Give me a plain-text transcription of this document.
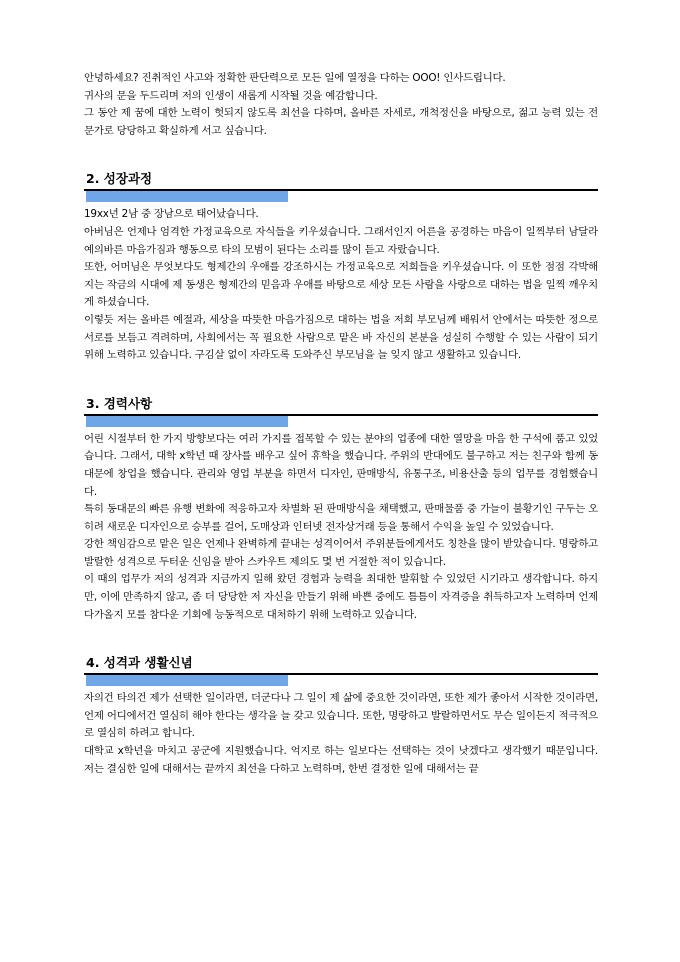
안녕하세요? 진취적인 사고와 정확한 판단력으로 모든 일에 열정을 다하는 OOO! 인사드립니다.

귀사의 문을 두드리며 저의 인생이 새롭게 시작될 것을 예감합니다.

그 동안 제 꿈에 대한 노력이 헛되지 않도록 최선을 다하며, 올바른 자세로, 개척정신을 바탕으로, 젊고 능력 있는 전문가로 당당하고 확실하게 서고 싶습니다.

2. 성장과정

19xx년 2남 중 장남으로 태어났습니다.

아버님은 언제나 엄격한 가정교육으로 자식들을 키우셨습니다. 그래서인지 어른을 공경하는 마음이 일찍부터 남달라 예의바른 마음가짐과 행동으로 타의 모범이 된다는 소리를 많이 듣고 자랐습니다.

또한, 어머님은 무엇보다도 형제간의 우애를 강조하시는 가정교육으로 저희들을 키우셨습니다. 이 또한 점점 각박해지는 작금의 시대에 제 동생은 형제간의 믿음과 우애를 바탕으로 세상 모든 사람을 사랑으로 대하는 법을 일찍 깨우치게 하셨습니다.

이렇듯 저는 올바른 예절과, 세상을 따뜻한 마음가짐으로 대하는 법을 저희 부모님께 배워서 안에서는 따뜻한 정으로 서로를 보듬고 격려하며, 사회에서는 꼭 필요한 사람으로 맡은 바 자신의 본분을 성실히 수행할 수 있는 사람이 되기 위해 노력하고 있습니다. 구김살 없이 자라도록 도와주신 부모님을 늘 잊지 않고 생활하고 있습니다.

3. 경력사항

어린 시절부터 한 가지 방향보다는 여러 가지를 접목할 수 있는 분야의 업종에 대한 열망을 마음 한 구석에 품고 있었습니다. 그래서, 대학 x학년 때 장사를 배우고 싶어 휴학을 했습니다. 주위의 반대에도 불구하고 저는 친구와 함께 동대문에 창업을 했습니다. 관리와 영업 부분을 하면서 디자인, 판매방식, 유통구조, 비용산출 등의 업무를 경험했습니다.

특히 동대문의 빠른 유행 변화에 적응하고자 차별화 된 판매방식을 채택했고, 판매물품 중 가늘이 불황기인 구두는 오히려 새로운 디자인으로 승부를 걸어, 도매상과 인터넷 전자상거래 등을 통해서 수익을 높일 수 있었습니다.

강한 책임감으로 맡은 일은 언제나 완벽하게 끝내는 성격이어서 주위분들에게서도 칭찬을 많이 받았습니다. 명랑하고 발랄한 성격으로 두터운 신임을 받아 스카우트 제의도 몇 번 거절한 적이 있습니다.

이 때의 업무가 저의 성격과 지금까지 일해 왔던 경험과 능력을 최대한 발휘할 수 있었던 시기라고 생각합니다. 하지만, 이에 만족하지 않고, 좀 더 당당한 저 자신을 만들기 위해 바쁜 중에도 틈틈이 자격증을 취득하고자 노력하며 언제 다가올지 모를 참다운 기회에 능동적으로 대처하기 위해 노력하고 있습니다.

4. 성격과 생활신념

자의건 타의건 제가 선택한 일이라면, 더군다나 그 일이 제 삶에 중요한 것이라면, 또한 제가 좋아서 시작한 것이라면, 언제 어디에서건 열심히 해야 한다는 생각을 늘 갖고 있습니다. 또한, 명랑하고 발랄하면서도 무슨 일이든지 적극적으로 열심히 하려고 합니다.

대학교 x학년을 마치고 공군에 지원했습니다. 억지로 하는 일보다는 선택하는 것이 낫겠다고 생각했기 때문입니다. 저는 결심한 일에 대해서는 끝까지 최선을 다하고 노력하며, 한번 결정한 일에 대해서는 끝
